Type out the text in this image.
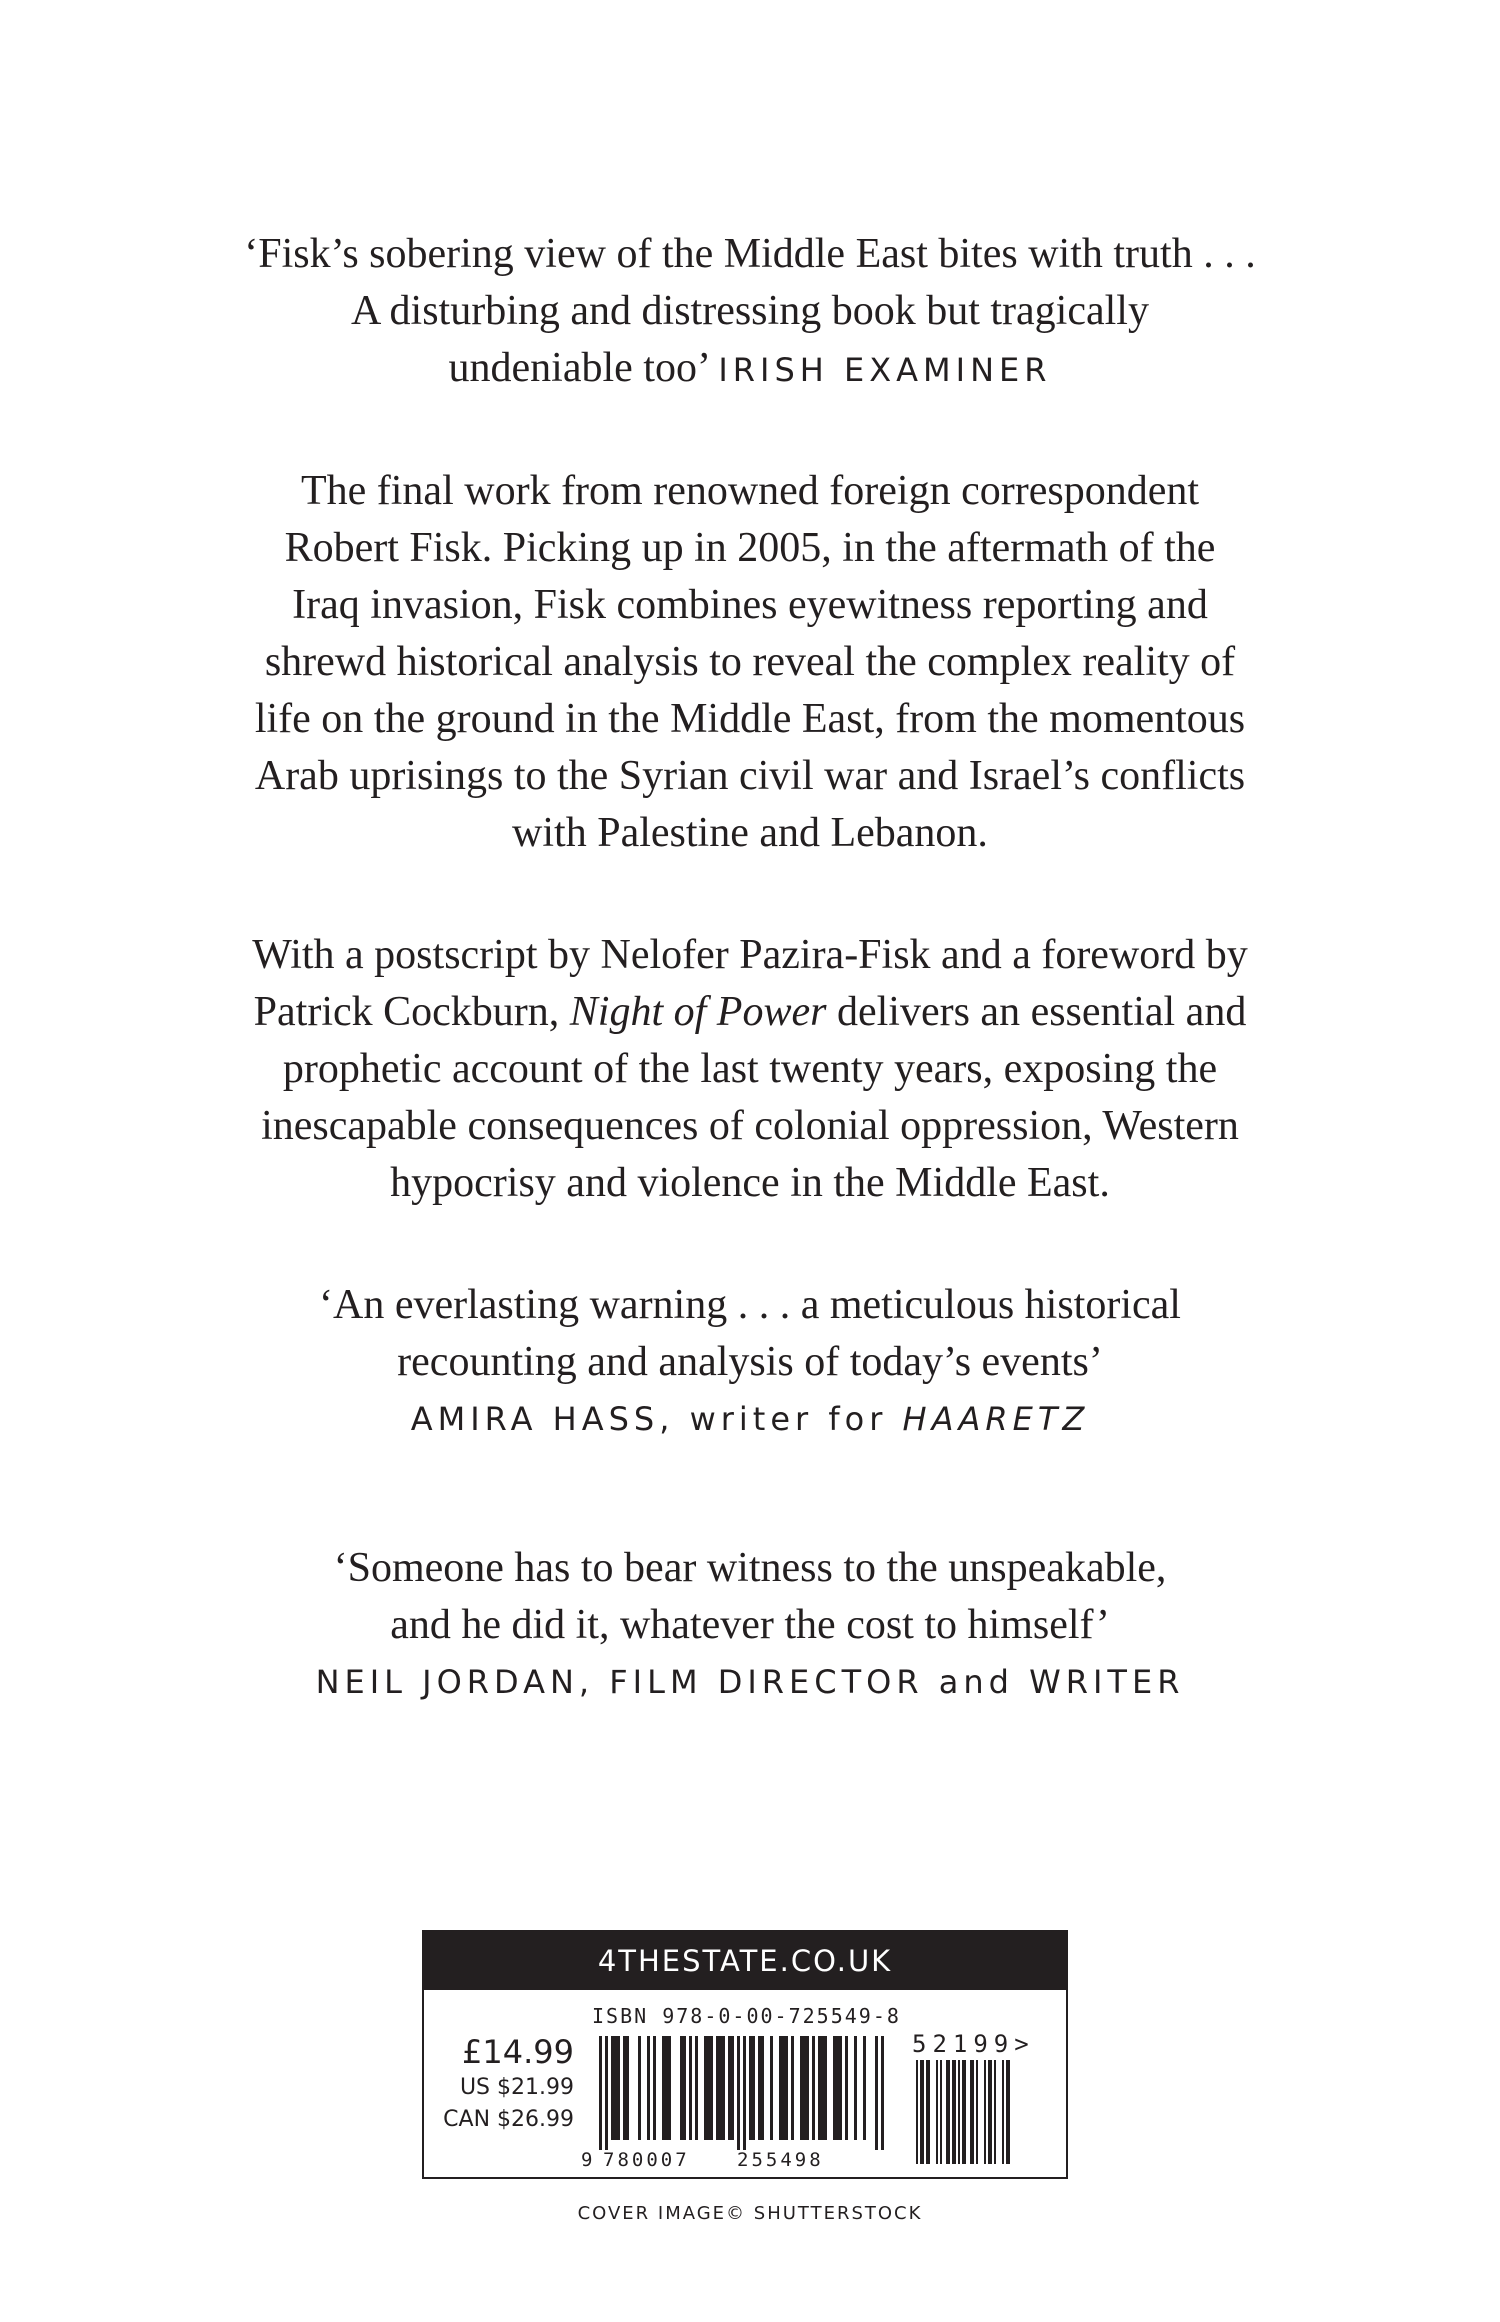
‘Fisk’s sobering view of the Middle East bites with truth . . .
A disturbing and distressing book but tragically
undeniable too’ IRISH EXAMINER
The final work from renowned foreign correspondent
Robert Fisk. Picking up in 2005, in the aftermath of the
Iraq invasion, Fisk combines eyewitness reporting and
shrewd historical analysis to reveal the complex reality of
life on the ground in the Middle East, from the momentous
Arab uprisings to the Syrian civil war and Israel’s conflicts
with Palestine and Lebanon.
With a postscript by Nelofer Pazira-Fisk and a foreword by
Patrick Cockburn, Night of Power delivers an essential and
prophetic account of the last twenty years, exposing the
inescapable consequences of colonial oppression, Western
hypocrisy and violence in the Middle East.
‘An everlasting warning . . . a meticulous historical
recounting and analysis of today’s events’
AMIRA HASS, writer for HAARETZ
‘Someone has to bear witness to the unspeakable,
and he did it, whatever the cost to himself’
NEIL JORDAN, FILM DIRECTOR and WRITER
4THESTATE.CO.UK
ISBN 978-0-00-725549-8
£14.99
US $21.99
CAN $26.99
9 780007 255498
52199>
COVER IMAGE© SHUTTERSTOCK
